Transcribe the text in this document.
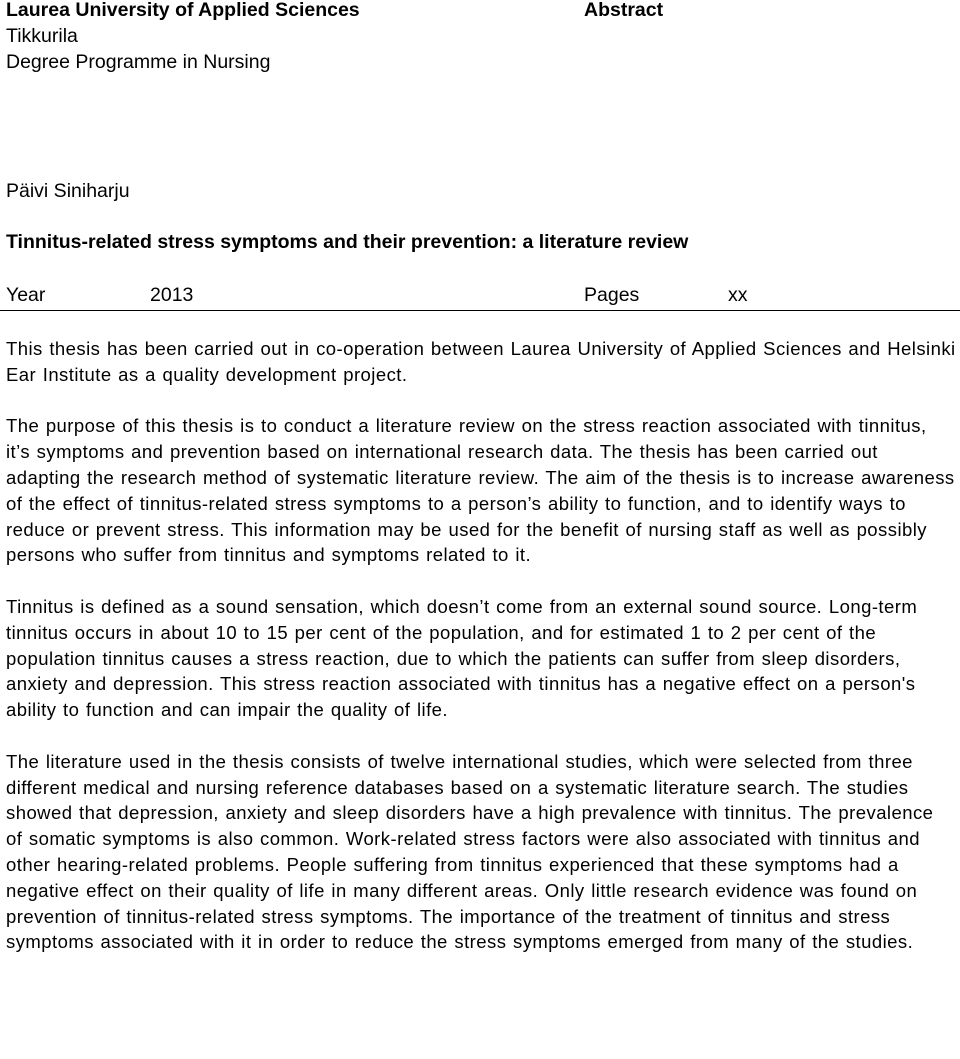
Laurea University of Applied Sciences
Tikkurila
Degree Programme in Nursing
Abstract
Päivi Siniharju
Tinnitus-related stress symptoms and their prevention: a literature review
Year	2013	Pages	xx

This thesis has been carried out in co-operation between Laurea University of Applied Sciences and Helsinki Ear Institute as a quality development project.

The purpose of this thesis is to conduct a literature review on the stress reaction associated with tinnitus, it’s symptoms and prevention based on international research data. The thesis has been carried out adapting the research method of systematic literature review. The aim of the thesis is to increase awareness of the effect of tinnitus-related stress symptoms to a person’s ability to function, and to identify ways to reduce or prevent stress. This information may be used for the benefit of nursing staff as well as possibly persons who suffer from tinnitus and symptoms related to it.

Tinnitus is defined as a sound sensation, which doesn’t come from an external sound source. Long-term tinnitus occurs in about 10 to 15 per cent of the population, and for estimated 1 to 2 per cent of the population tinnitus causes a stress reaction, due to which the patients can suffer from sleep disorders, anxiety and depression. This stress reaction associated with tinnitus has a negative effect on a person's ability to function and can impair the quality of life.

The literature used in the thesis consists of twelve international studies, which were selected from three different medical and nursing reference databases based on a systematic literature search. The studies showed that depression, anxiety and sleep disorders have a high prevalence with tinnitus. The prevalence of somatic symptoms is also common. Work-related stress factors were also associated with tinnitus and other hearing-related problems. People suffering from tinnitus experienced that these symptoms had a negative effect on their quality of life in many different areas. Only little research evidence was found on prevention of tinnitus-related stress symptoms. The importance of the treatment of tinnitus and stress symptoms associated with it in order to reduce the stress symptoms emerged from many of the studies.
